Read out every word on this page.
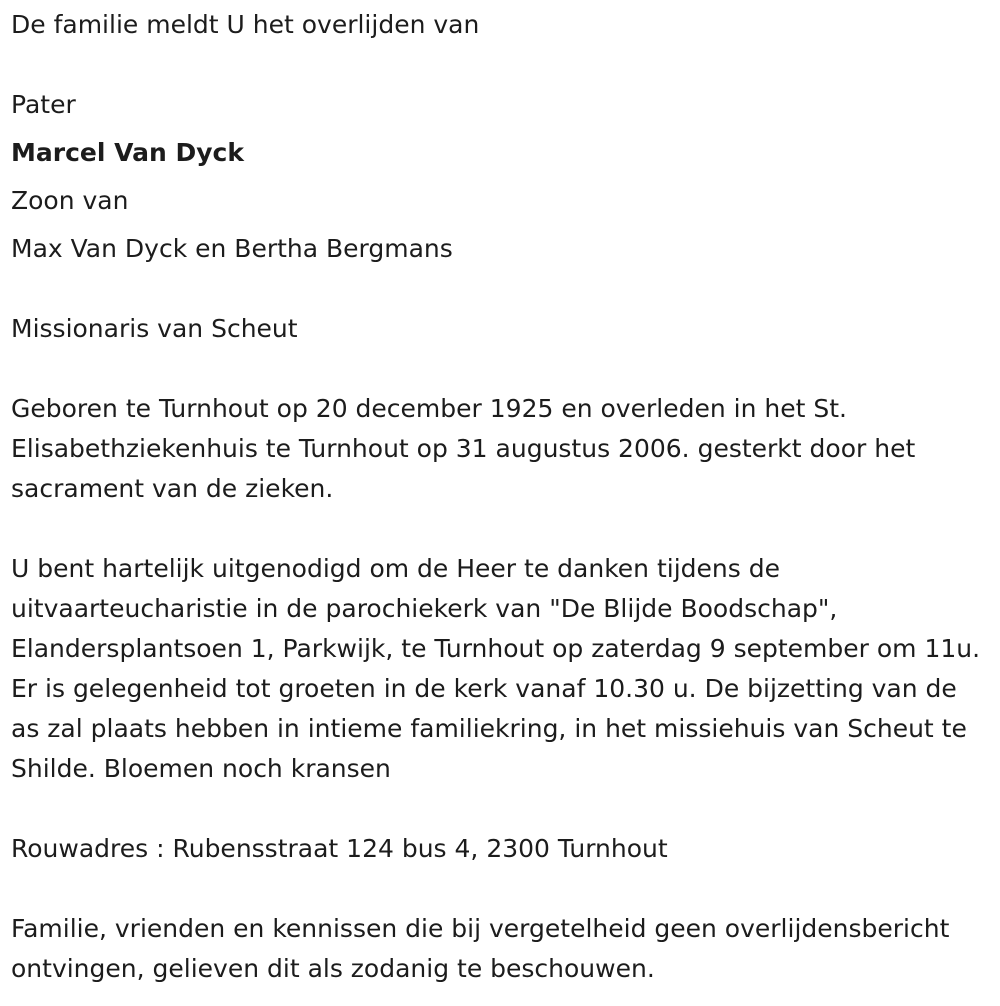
De familie meldt U het overlijden van
Pater
Marcel Van Dyck
Zoon van
Max Van Dyck en Bertha Bergmans
Missionaris van Scheut
Geboren te Turnhout op 20 december 1925 en overleden in het St. Elisabethziekenhuis te Turnhout op 31 augustus 2006. gesterkt door het sacrament van de zieken.
U bent hartelijk uitgenodigd om de Heer te danken tijdens de uitvaarteucharistie in de parochiekerk van "De Blijde Boodschap", Elandersplantsoen 1, Parkwijk, te Turnhout op zaterdag 9 september om 11u. Er is gelegenheid tot groeten in de kerk vanaf 10.30 u. De bijzetting van de as zal plaats hebben in intieme familiekring, in het missiehuis van Scheut te Shilde. Bloemen noch kransen
Rouwadres : Rubensstraat 124 bus 4, 2300 Turnhout
Familie, vrienden en kennissen die bij vergetelheid geen overlijdensbericht ontvingen, gelieven dit als zodanig te beschouwen.
